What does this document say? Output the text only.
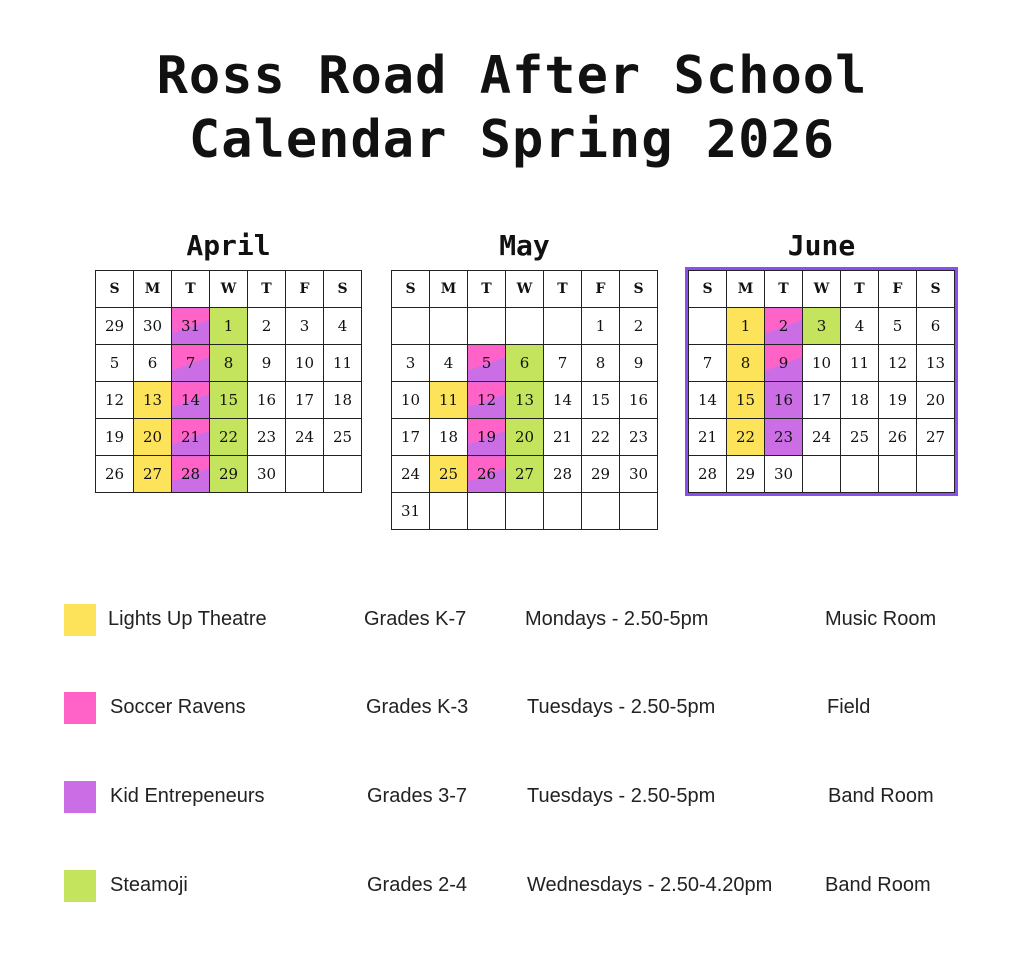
Ross Road After School
Calendar Spring 2026
April
S	M	T	W	T	F	S
29	30	31	1	2	3	4
5	6	7	8	9	10	11
12	13	14	15	16	17	18
19	20	21	22	23	24	25
26	27	28	29	30		
May
S	M	T	W	T	F	S
					1	2
3	4	5	6	7	8	9
10	11	12	13	14	15	16
17	18	19	20	21	22	23
24	25	26	27	28	29	30
31						
June
S	M	T	W	T	F	S
	1	2	3	4	5	6
7	8	9	10	11	12	13
14	15	16	17	18	19	20
21	22	23	24	25	26	27
28	29	30				
Lights Up Theatre	Grades K-7	Mondays - 2.50-5pm	Music Room
Soccer Ravens	Grades K-3	Tuesdays - 2.50-5pm	Field
Kid Entrepeneurs	Grades 3-7	Tuesdays - 2.50-5pm	Band Room
Steamoji	Grades 2-4	Wednesdays - 2.50-4.20pm	Band Room
